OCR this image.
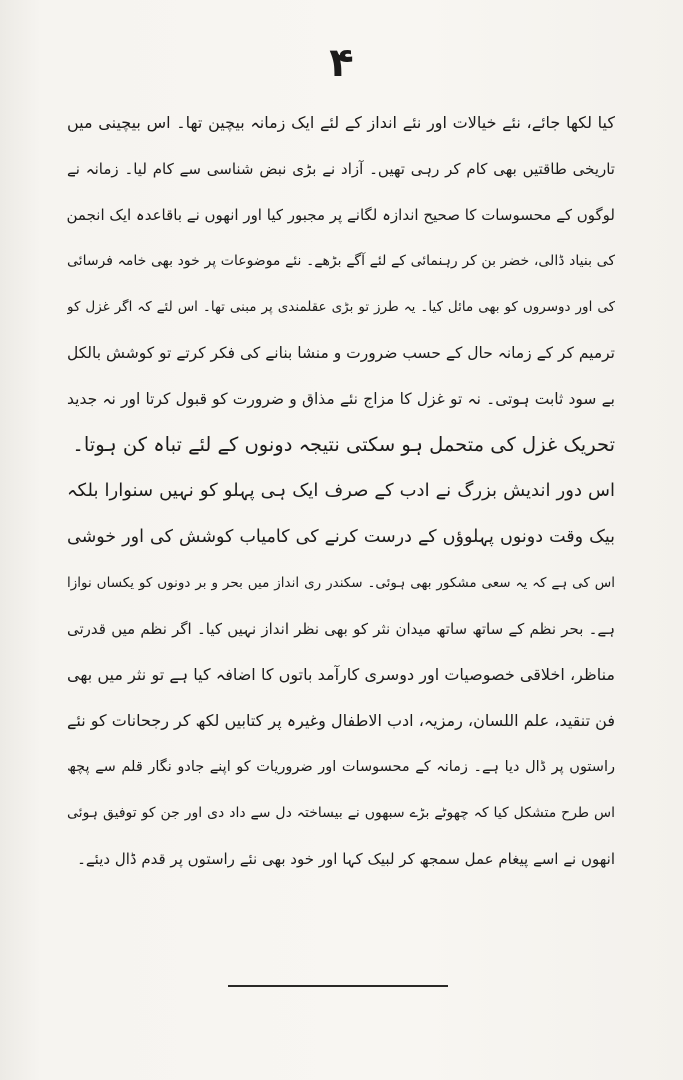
۴
کیا لکھا جائے، نئے خیالات اور نئے انداز کے لئے ایک زمانہ بیچین تھا۔ اس بیچینی میں
تاریخی طاقتیں بھی کام کر رہی تھیں۔ آزاد نے بڑی نبض شناسی سے کام لیا۔ زمانہ نے
لوگوں کے محسوسات کا صحیح اندازہ لگانے پر مجبور کیا اور انھوں نے باقاعدہ ایک انجمن
کی بنیاد ڈالی، خضر بن کر رہنمائی کے لئے آگے بڑھے۔ نئے موضوعات پر خود بھی خامہ فرسائی
کی اور دوسروں کو بھی مائل کیا۔ یہ طرز تو بڑی عقلمندی پر مبنی تھا۔ اس لئے کہ اگر غزل کو
ترمیم کر کے زمانہ حال کے حسب ضرورت و منشا بنانے کی فکر کرتے تو کوشش بالکل
بے سود ثابت ہوتی۔ نہ تو غزل کا مزاج نئے مذاق و ضرورت کو قبول کرتا اور نہ جدید
تحریک غزل کی متحمل ہو سکتی نتیجہ دونوں کے لئے تباہ کن ہوتا۔
اس دور اندیش بزرگ نے ادب کے صرف ایک ہی پہلو کو نہیں سنوارا بلکہ
بیک وقت دونوں پہلوؤں کے درست کرنے کی کامیاب کوشش کی اور خوشی
اس کی ہے کہ یہ سعی مشکور بھی ہوئی۔ سکندر ری انداز میں بحر و بر دونوں کو یکساں نوازا
ہے۔ بحر نظم کے ساتھ ساتھ میدان نثر کو بھی نظر انداز نہیں کیا۔ اگر نظم میں قدرتی
مناظر، اخلاقی خصوصیات اور دوسری کارآمد باتوں کا اضافہ کیا ہے تو نثر میں بھی
فن تنقید، علم اللسان، رمزیہ، ادب الاطفال وغیرہ پر کتابیں لکھ کر رجحانات کو نئے
راستوں پر ڈال دیا ہے۔ زمانہ کے محسوسات اور ضروریات کو اپنے جادو نگار قلم سے پچھ
اس طرح متشکل کیا کہ چھوٹے بڑے سبھوں نے بیساختہ دل سے داد دی اور جن کو توفیق ہوئی
انھوں نے اسے پیغام عمل سمجھ کر لبیک کہا اور خود بھی نئے راستوں پر قدم ڈال دیئے۔
